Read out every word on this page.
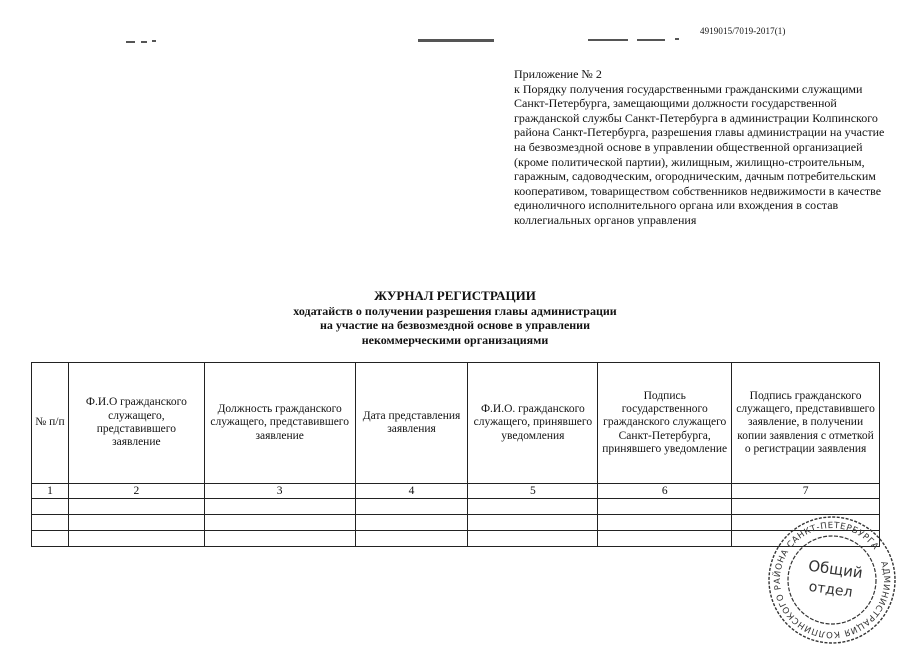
4919015/7019-2017(1)
Приложение № 2
к Порядку получения государственными гражданскими служащими Санкт-Петербурга, замещающими должности государственной гражданской службы Санкт-Петербурга в администрации Колпинского района Санкт-Петербурга, разрешения главы администрации на участие на безвозмездной основе в управлении общественной организацией (кроме политической партии), жилищным, жилищно-строительным, гаражным, садоводческим, огородническим, дачным потребительским кооперативом, товариществом собственников недвижимости в качестве единоличного исполнительного органа или вхождения в состав коллегиальных органов управления
ЖУРНАЛ РЕГИСТРАЦИИ
ходатайств о получении разрешения главы администрации
на участие на безвозмездной основе в управлении
некоммерческими организациями
№ п/п	Ф.И.О гражданского служащего, представившего заявление	Должность гражданского служащего, представившего заявление	Дата представления заявления	Ф.И.О. гражданского служащего, принявшего уведомления	Подпись государственного гражданского служащего Санкт-Петербурга, принявшего уведомление	Подпись гражданского служащего, представившего заявление, в получении копии заявления с отметкой о регистрации заявления
1	2	3	4	5	6	7

АДМИНИСТРАЦИЯ КОЛПИНСКОГО РАЙОНА САНКТ-ПЕТЕРБУРГА
Общий
отдел
